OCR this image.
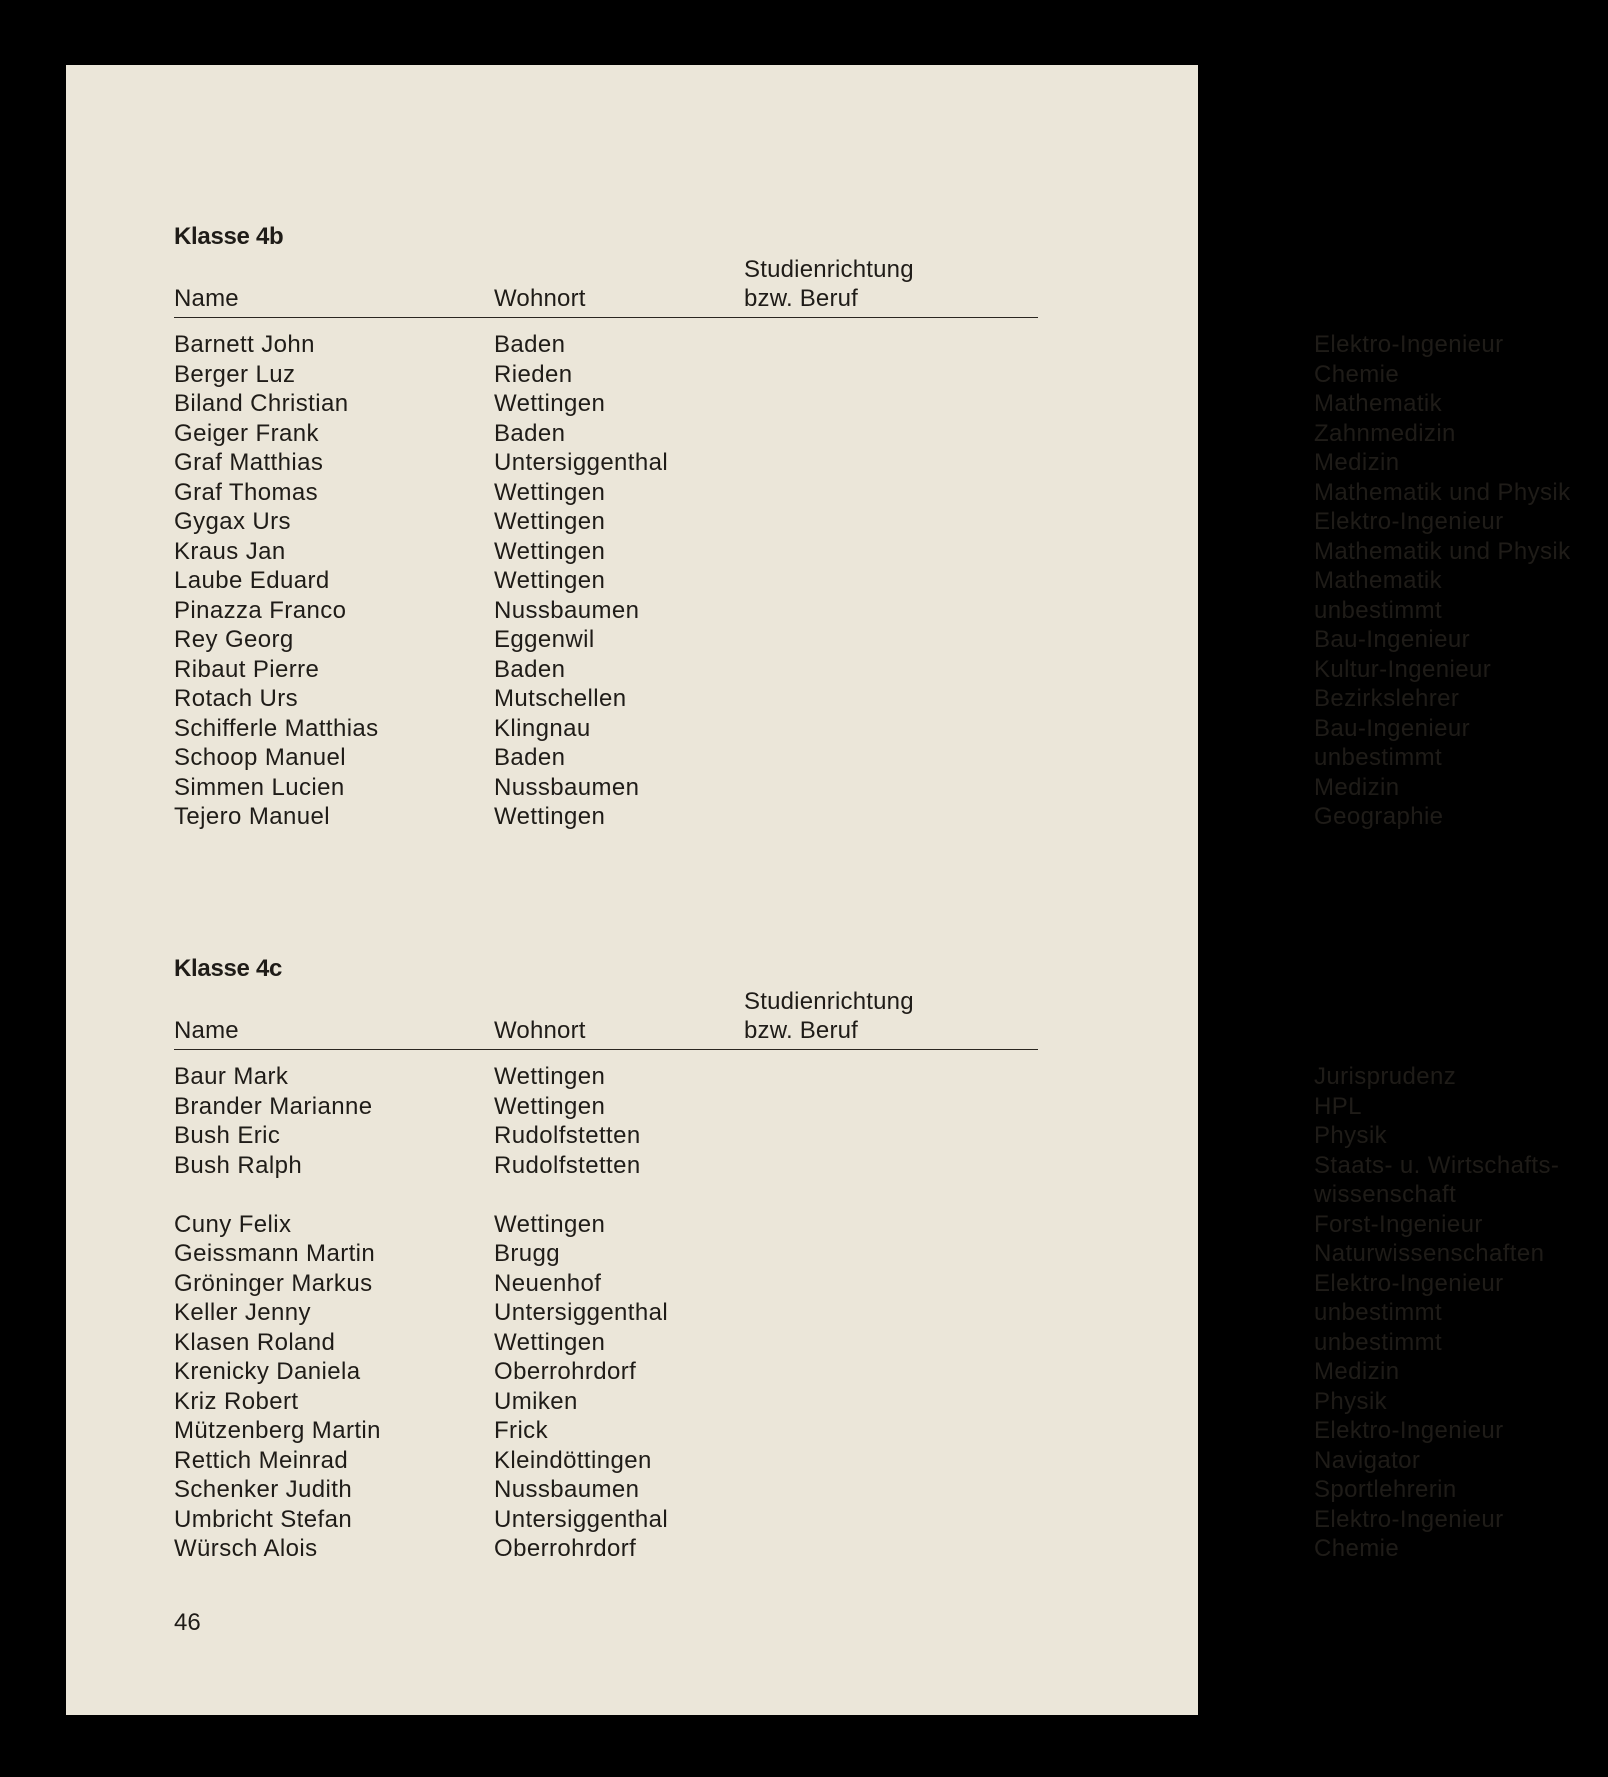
Klasse 4b
Name	Wohnort
Studienrichtung
bzw. Beruf
Barnett John	Baden	Elektro-Ingenieur
Berger Luz	Rieden	Chemie
Biland Christian	Wettingen	Mathematik
Geiger Frank	Baden	Zahnmedizin
Graf Matthias	Untersiggenthal	Medizin
Graf Thomas	Wettingen	Mathematik und Physik
Gygax Urs	Wettingen	Elektro-Ingenieur
Kraus Jan	Wettingen	Mathematik und Physik
Laube Eduard	Wettingen	Mathematik
Pinazza Franco	Nussbaumen	unbestimmt
Rey Georg	Eggenwil	Bau-Ingenieur
Ribaut Pierre	Baden	Kultur-Ingenieur
Rotach Urs	Mutschellen	Bezirkslehrer
Schifferle Matthias	Klingnau	Bau-Ingenieur
Schoop Manuel	Baden	unbestimmt
Simmen Lucien	Nussbaumen	Medizin
Tejero Manuel	Wettingen	Geographie
Klasse 4c
Name	Wohnort
Studienrichtung
bzw. Beruf
Baur Mark	Wettingen	Jurisprudenz
Brander Marianne	Wettingen	HPL
Bush Eric	Rudolfstetten	Physik
Bush Ralph	Rudolfstetten	Staats- u. Wirtschafts-
wissenschaft
Cuny Felix	Wettingen	Forst-Ingenieur
Geissmann Martin	Brugg	Naturwissenschaften
Gröninger Markus	Neuenhof	Elektro-Ingenieur
Keller Jenny	Untersiggenthal	unbestimmt
Klasen Roland	Wettingen	unbestimmt
Krenicky Daniela	Oberrohrdorf	Medizin
Kriz Robert	Umiken	Physik
Mützenberg Martin	Frick	Elektro-Ingenieur
Rettich Meinrad	Kleindöttingen	Navigator
Schenker Judith	Nussbaumen	Sportlehrerin
Umbricht Stefan	Untersiggenthal	Elektro-Ingenieur
Würsch Alois	Oberrohrdorf	Chemie
46
